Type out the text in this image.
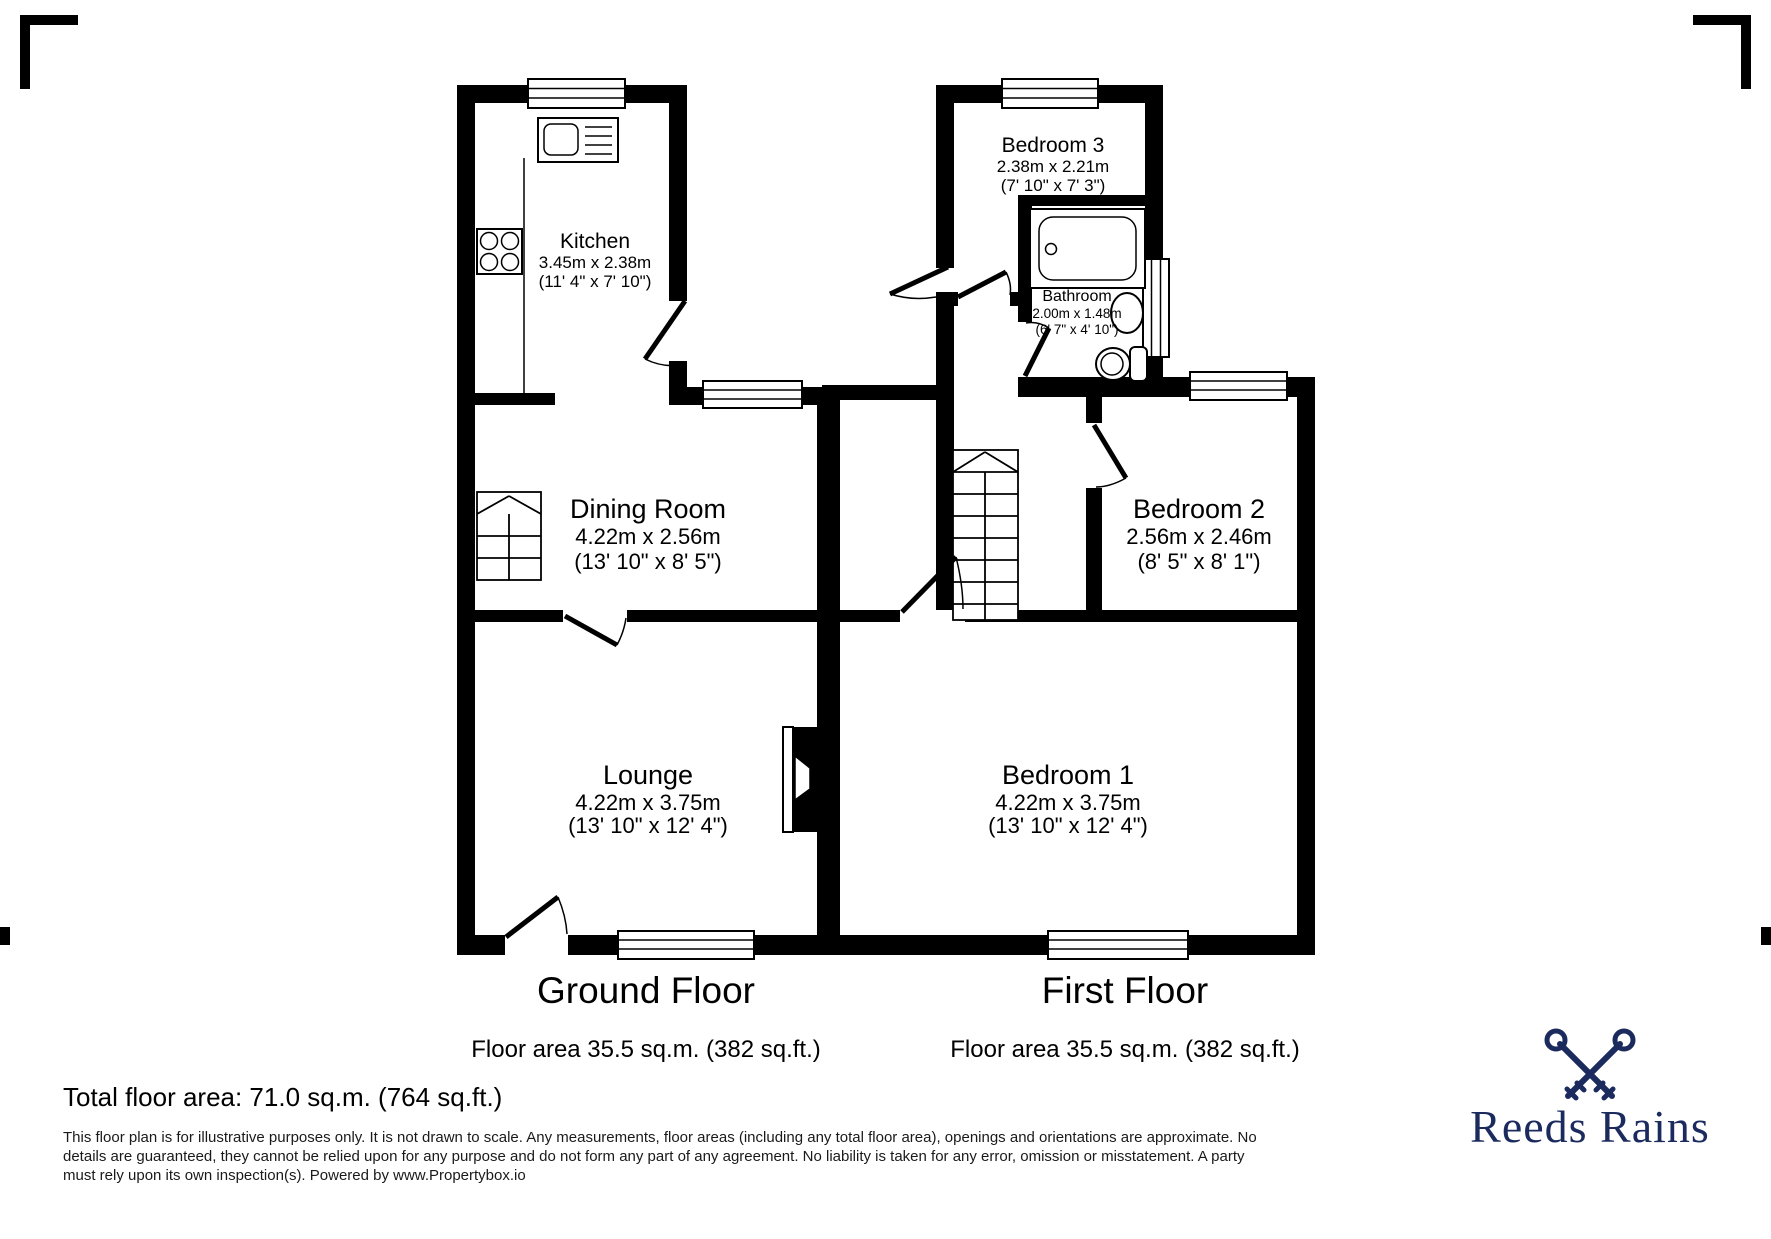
Kitchen
3.45m x 2.38m
(11' 4" x 7' 10")
Dining Room
4.22m x 2.56m
(13' 10" x 8' 5")
Lounge
4.22m x 3.75m
(13' 10" x 12' 4")
Ground Floor
Floor area 35.5 sq.m. (382 sq.ft.)
Bedroom 3
2.38m x 2.21m
(7' 10" x 7' 3")
Bathroom
2.00m x 1.48m
(6' 7" x 4' 10")
Bedroom 2
2.56m x 2.46m
(8' 5" x 8' 1")
Bedroom 1
4.22m x 3.75m
(13' 10" x 12' 4")
First Floor
Floor area 35.5 sq.m. (382 sq.ft.)
Total floor area: 71.0 sq.m. (764 sq.ft.)
This floor plan is for illustrative purposes only. It is not drawn to scale. Any measurements, floor areas (including any total floor area), openings and orientations are approximate. No
details are guaranteed, they cannot be relied upon for any purpose and do not form any part of any agreement. No liability is taken for any error, omission or misstatement. A party
must rely upon its own inspection(s). Powered by www.Propertybox.io
Reeds Rains
